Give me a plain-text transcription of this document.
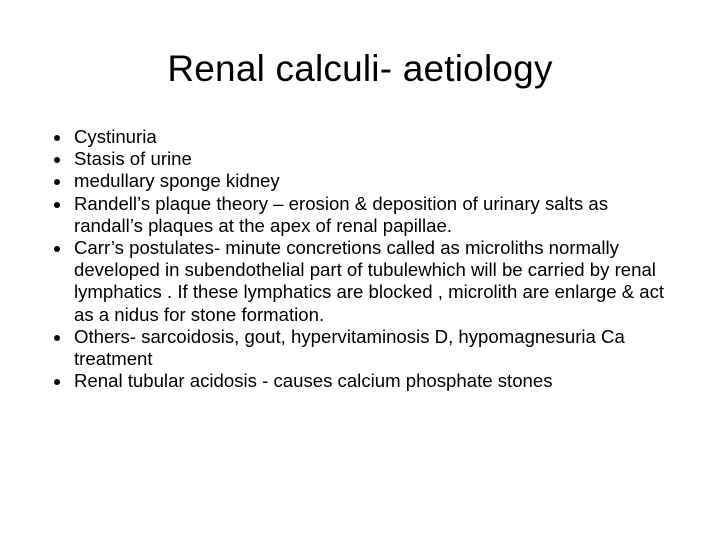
Renal calculi- aetiology
Cystinuria
Stasis of urine
medullary sponge kidney
Randell’s plaque theory – erosion & deposition of urinary salts as randall’s plaques at the apex of renal papillae.
Carr’s postulates- minute concretions called as microliths normally developed in subendothelial part of tubulewhich will be carried by renal lymphatics . If these lymphatics are blocked , microlith are enlarge & act as a nidus for stone formation.
Others- sarcoidosis, gout, hypervitaminosis D, hypomagnesuria Ca treatment
Renal tubular acidosis - causes calcium phosphate stones
